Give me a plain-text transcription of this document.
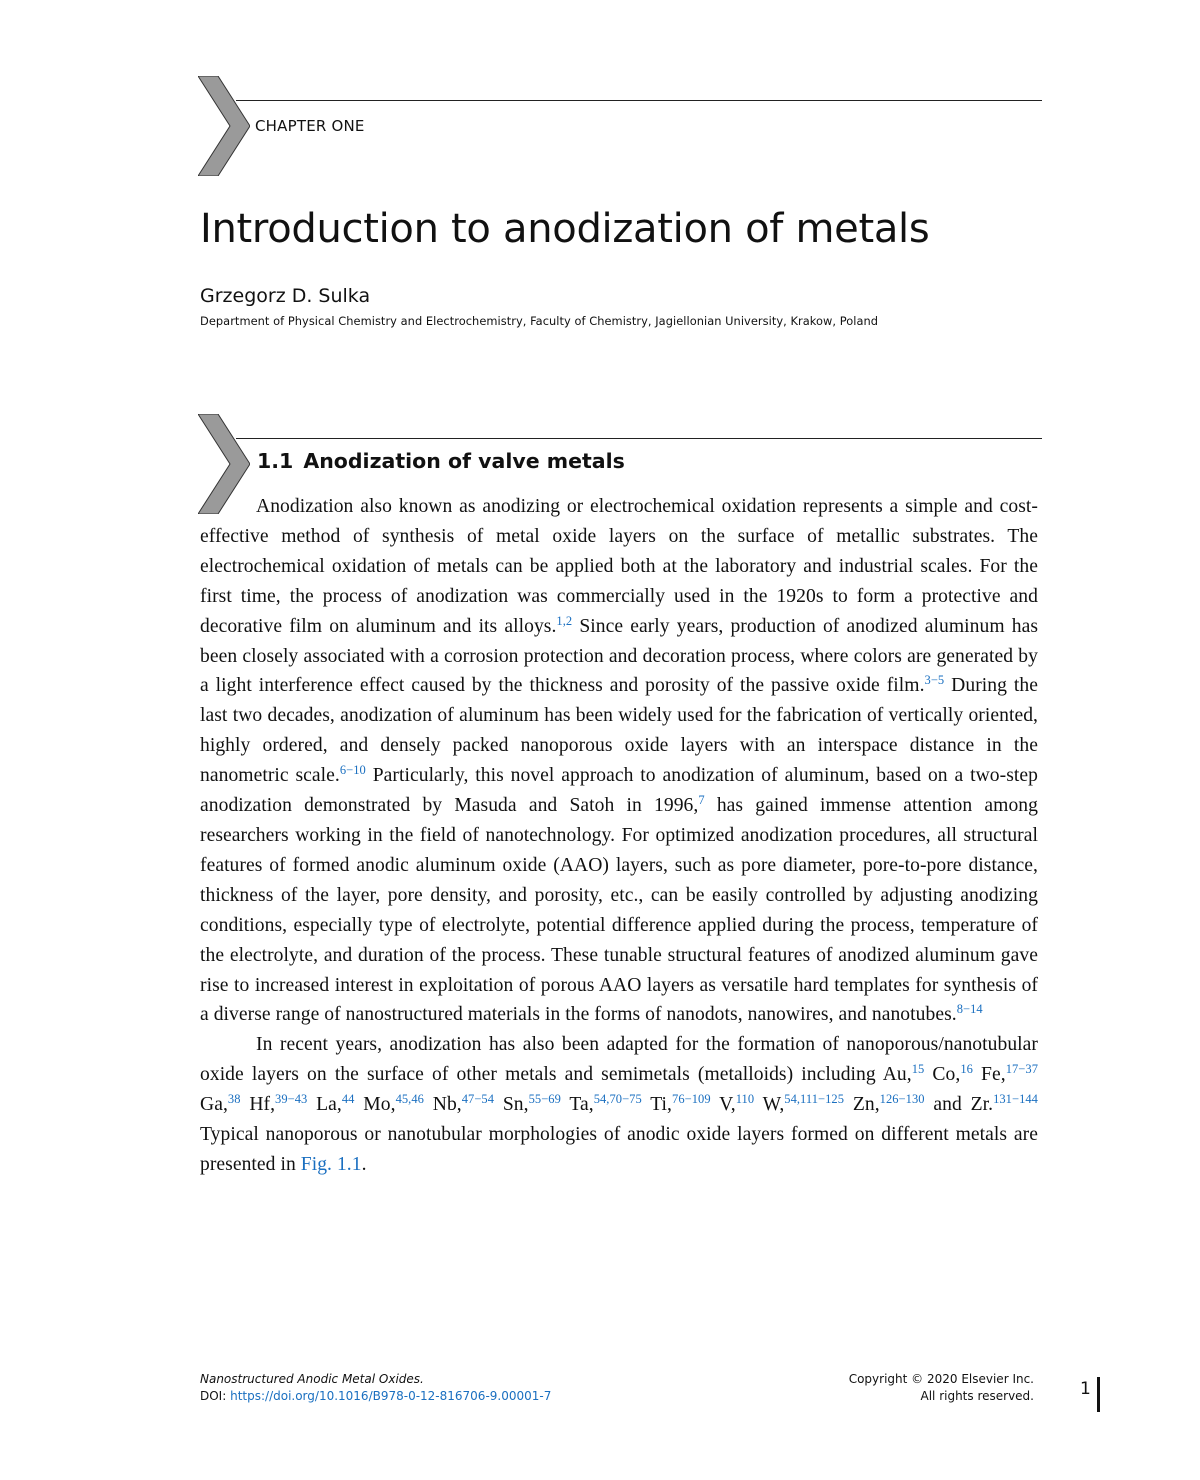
CHAPTER ONE
Introduction to anodization of metals
Grzegorz D. Sulka
Department of Physical Chemistry and Electrochemistry, Faculty of Chemistry, Jagiellonian University, Krakow, Poland
1.1 Anodization of valve metals

Anodization also known as anodizing or electrochemical oxidation represents a simple and cost-effective method of synthesis of metal oxide layers on the surface of metallic substrates. The electrochemical oxidation of metals can be applied both at the laboratory and industrial scales. For the first time, the process of anodization was commercially used in the 1920s to form a protective and decorative film on aluminum and its alloys.$^{1,2}$ Since early years, production of anodized aluminum has been closely associated with a corrosion protection and decoration process, where colors are generated by a light interference effect caused by the thickness and porosity of the passive oxide film.$^{3-5}$ During the last two decades, anodization of aluminum has been widely used for the fabrication of vertically oriented, highly ordered, and densely packed nanoporous oxide layers with an interspace distance in the nanometric scale.$^{6-10}$ Particularly, this novel approach to anodization of aluminum, based on a two-step anodization demonstrated by Masuda and Satoh in 1996,$^7$ has gained immense attention among researchers working in the field of nanotechnology. For optimized anodization procedures, all structural features of formed anodic aluminum oxide (AAO) layers, such as pore diameter, pore-to-pore distance, thickness of the layer, pore density, and porosity, etc., can be easily controlled by adjusting anodizing conditions, especially type of electrolyte, potential difference applied during the process, temperature of the electrolyte, and duration of the process. These tunable structural features of anodized aluminum gave rise to increased interest in exploitation of porous AAO layers as versatile hard templates for synthesis of a diverse range of nanostructured materials in the forms of nanodots, nanowires, and nanotubes.$^{8-14}$

In recent years, anodization has also been adapted for the formation of nanoporous/nanotubular oxide layers on the surface of other metals and semimetals (metalloids) including Au,$^{15}$ Co,$^{16}$ Fe,$^{17-37}$ Ga,$^{38}$ Hf,$^{39-43}$ La,$^{44}$ Mo,$^{45,46}$ Nb,$^{47-54}$ Sn,$^{55-69}$ Ta,$^{54,70-75}$ Ti,$^{76-109}$ V,$^{110}$ W,$^{54,111-125}$ Zn,$^{126-130}$ and Zr.$^{131-144}$ Typical nanoporous or nanotubular morphologies of anodic oxide layers formed on different metals are presented in Fig. 1.1.

Nanostructured Anodic Metal Oxides.
DOI: https://doi.org/10.1016/B978-0-12-816706-9.00001-7
Copyright © 2020 Elsevier Inc.
All rights reserved.	1
